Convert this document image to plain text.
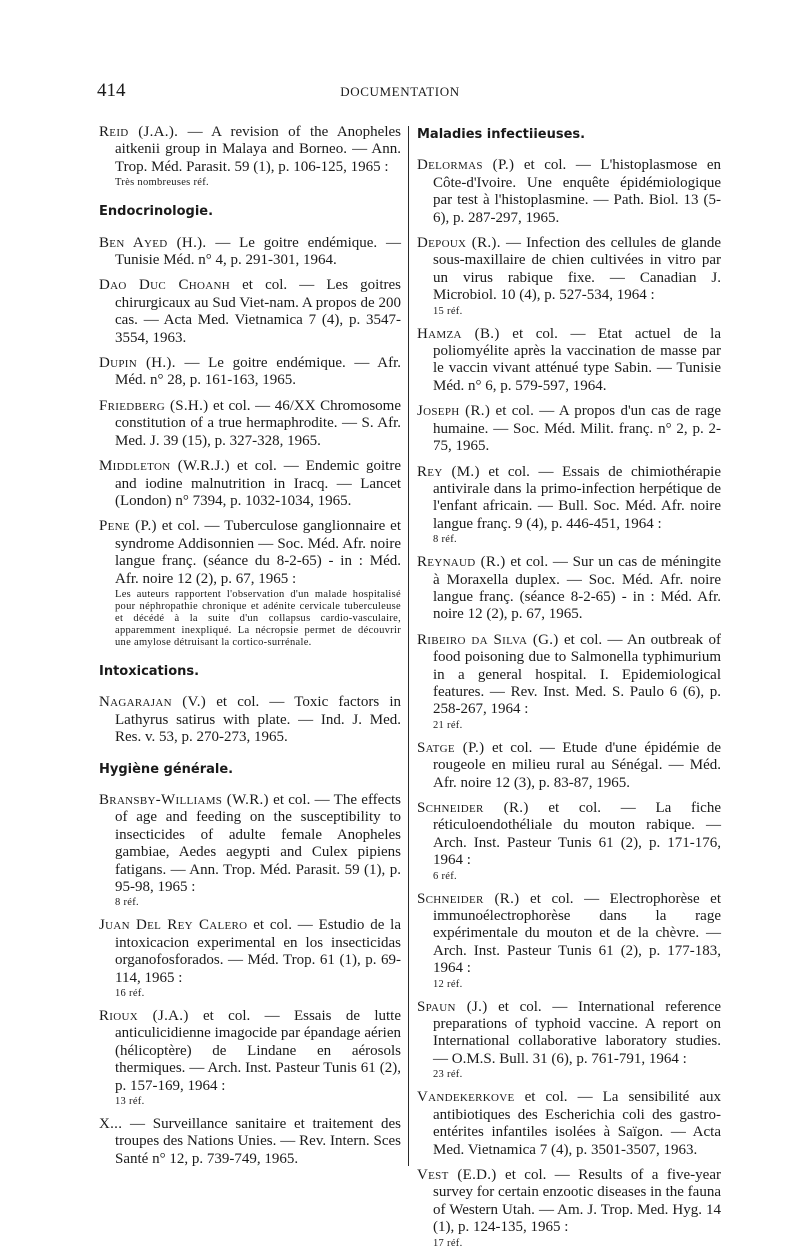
414	DOCUMENTATION

Reid (J.A.). — A revision of the Anopheles aitkenii group in Malaya and Borneo. — Ann. Trop. Méd. Parasit. 59 (1), p. 106-125, 1965 :

Très nombreuses réf.
Endocrinologie.

Ben Ayed (H.). — Le goitre endémique. — Tunisie Méd. n° 4, p. 291-301, 1964.

Dao Duc Choanh et col. — Les goitres chirurgicaux au Sud Viet-nam. A propos de 200 cas. — Acta Med. Vietnamica 7 (4), p. 3547-3554, 1963.

Dupin (H.). — Le goitre endémique. — Afr. Méd. n° 28, p. 161-163, 1965.

Friedberg (S.H.) et col. — 46/XX Chromosome constitution of a true hermaphrodite. — S. Afr. Med. J. 39 (15), p. 327-328, 1965.

Middleton (W.R.J.) et col. — Endemic goitre and iodine malnutrition in Iracq. — Lancet (London) n° 7394, p. 1032-1034, 1965.

Pene (P.) et col. — Tuberculose ganglionnaire et syndrome Addisonnien — Soc. Méd. Afr. noire langue franç. (séance du 8-2-65) - in : Méd. Afr. noire 12 (2), p. 67, 1965 :

Les auteurs rapportent l'observation d'un malade hospitalisé pour néphropathie chronique et adénite cervicale tuberculeuse et décédé à la suite d'un collapsus cardio-vasculaire, apparemment inexpliqué. La nécropsie permet de découvrir une amylose détruisant la cortico-surrénale.
Intoxications.

Nagarajan (V.) et col. — Toxic factors in Lathyrus satirus with plate. — Ind. J. Med. Res. v. 53, p. 270-273, 1965.

Hygiène générale.

Bransby-Williams (W.R.) et col. — The effects of age and feeding on the susceptibility to insecticides of adulte female Anopheles gambiae, Aedes aegypti and Culex pipiens fatigans. — Ann. Trop. Méd. Parasit. 59 (1), p. 95-98, 1965 :

8 réf.

Juan Del Rey Calero et col. — Estudio de la intoxicacion experimental en los insecticidas organofosforados. — Méd. Trop. 61 (1), p. 69-114, 1965 :

16 réf.

Rioux (J.A.) et col. — Essais de lutte anticulicidienne imagocide par épandage aérien (hélicoptère) de Lindane en aérosols thermiques. — Arch. Inst. Pasteur Tunis 61 (2), p. 157-169, 1964 :

13 réf.

X... — Surveillance sanitaire et traitement des troupes des Nations Unies. — Rev. Intern. Sces Santé n° 12, p. 739-749, 1965.

Maladies infectiieuses.

Delormas (P.) et col. — L'histoplasmose en Côte-d'Ivoire. Une enquête épidémiologique par test à l'histoplasmine. — Path. Biol. 13 (5-6), p. 287-297, 1965.

Depoux (R.). — Infection des cellules de glande sous-maxillaire de chien cultivées in vitro par un virus rabique fixe. — Canadian J. Microbiol. 10 (4), p. 527-534, 1964 :

15 réf.

Hamza (B.) et col. — Etat actuel de la poliomyélite après la vaccination de masse par le vaccin vivant atténué type Sabin. — Tunisie Méd. n° 6, p. 579-597, 1964.

Joseph (R.) et col. — A propos d'un cas de rage humaine. — Soc. Méd. Milit. franç. n° 2, p. 2-75, 1965.

Rey (M.) et col. — Essais de chimiothérapie antivirale dans la primo-infection herpétique de l'enfant africain. — Bull. Soc. Méd. Afr. noire langue franç. 9 (4), p. 446-451, 1964 :

8 réf.

Reynaud (R.) et col. — Sur un cas de méningite à Moraxella duplex. — Soc. Méd. Afr. noire langue franç. (séance 8-2-65) - in : Méd. Afr. noire 12 (2), p. 67, 1965.

Ribeiro da Silva (G.) et col. — An outbreak of food poisoning due to Salmonella typhimurium in a general hospital. I. Epidemiological features. — Rev. Inst. Med. S. Paulo 6 (6), p. 258-267, 1964 :

21 réf.

Satge (P.) et col. — Etude d'une épidémie de rougeole en milieu rural au Sénégal. — Méd. Afr. noire 12 (3), p. 83-87, 1965.

Schneider (R.) et col. — La fiche réticuloendothéliale du mouton rabique. — Arch. Inst. Pasteur Tunis 61 (2), p. 171-176, 1964 :

6 réf.

Schneider (R.) et col. — Electrophorèse et immunoélectrophorèse dans la rage expérimentale du mouton et de la chèvre. — Arch. Inst. Pasteur Tunis 61 (2), p. 177-183, 1964 :

12 réf.

Spaun (J.) et col. — International reference preparations of typhoid vaccine. A report on International collaborative laboratory studies. — O.M.S. Bull. 31 (6), p. 761-791, 1964 :

23 réf.

Vandekerkove et col. — La sensibilité aux antibiotiques des Escherichia coli des gastro-entérites infantiles isolées à Saïgon. — Acta Med. Vietnamica 7 (4), p. 3501-3507, 1963.

Vest (E.D.) et col. — Results of a five-year survey for certain enzootic diseases in the fauna of Western Utah. — Am. J. Trop. Med. Hyg. 14 (1), p. 124-135, 1965 :

17 réf.
